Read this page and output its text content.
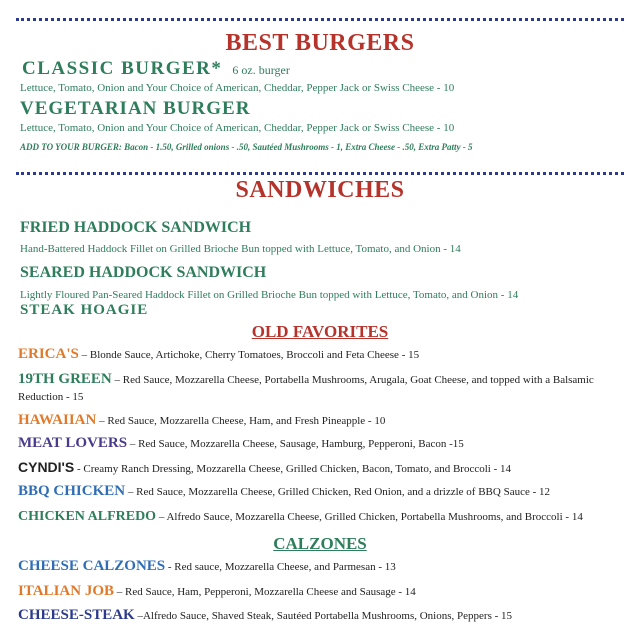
BEST BURGERS
CLASSIC BURGER* 6 oz. burger
Lettuce, Tomato, Onion and Your Choice of American, Cheddar, Pepper Jack or Swiss Cheese - 10
VEGETARIAN BURGER
Lettuce, Tomato, Onion and Your Choice of American, Cheddar, Pepper Jack or Swiss Cheese - 10
ADD TO YOUR BURGER: Bacon - 1.50, Grilled onions - .50, Sautéed Mushrooms - 1, Extra Cheese - .50, Extra Patty - 5
SANDWICHES
FRIED HADDOCK SANDWICH
Hand-Battered Haddock Fillet on Grilled Brioche Bun topped with Lettuce, Tomato, and Onion - 14
SEARED HADDOCK SANDWICH
Lightly Floured Pan-Seared Haddock Fillet on Grilled Brioche Bun topped with Lettuce, Tomato, and Onion - 14
STEAK HOAGIE
OLD FAVORITES
ERICA'S – Blonde Sauce, Artichoke, Cherry Tomatoes, Broccoli and Feta Cheese - 15
19TH GREEN – Red Sauce, Mozzarella Cheese, Portabella Mushrooms, Arugala, Goat Cheese, and topped with a Balsamic Reduction - 15
HAWAIIAN – Red Sauce, Mozzarella Cheese, Ham, and Fresh Pineapple - 10
MEAT LOVERS – Red Sauce, Mozzarella Cheese, Sausage, Hamburg, Pepperoni, Bacon -15
CYNDI'S - Creamy Ranch Dressing, Mozzarella Cheese, Grilled Chicken, Bacon, Tomato, and Broccoli - 14
BBQ CHICKEN – Red Sauce, Mozzarella Cheese, Grilled Chicken, Red Onion, and a drizzle of BBQ Sauce - 12
CHICKEN ALFREDO – Alfredo Sauce, Mozzarella Cheese, Grilled Chicken, Portabella Mushrooms, and Broccoli - 14
CALZONES
CHEESE CALZONES - Red sauce, Mozzarella Cheese, and Parmesan - 13
ITALIAN JOB – Red Sauce, Ham, Pepperoni, Mozzarella Cheese and Sausage - 14
CHEESE-STEAK –Alfredo Sauce, Shaved Steak, Sautéed Portabella Mushrooms, Onions, Peppers - 15
